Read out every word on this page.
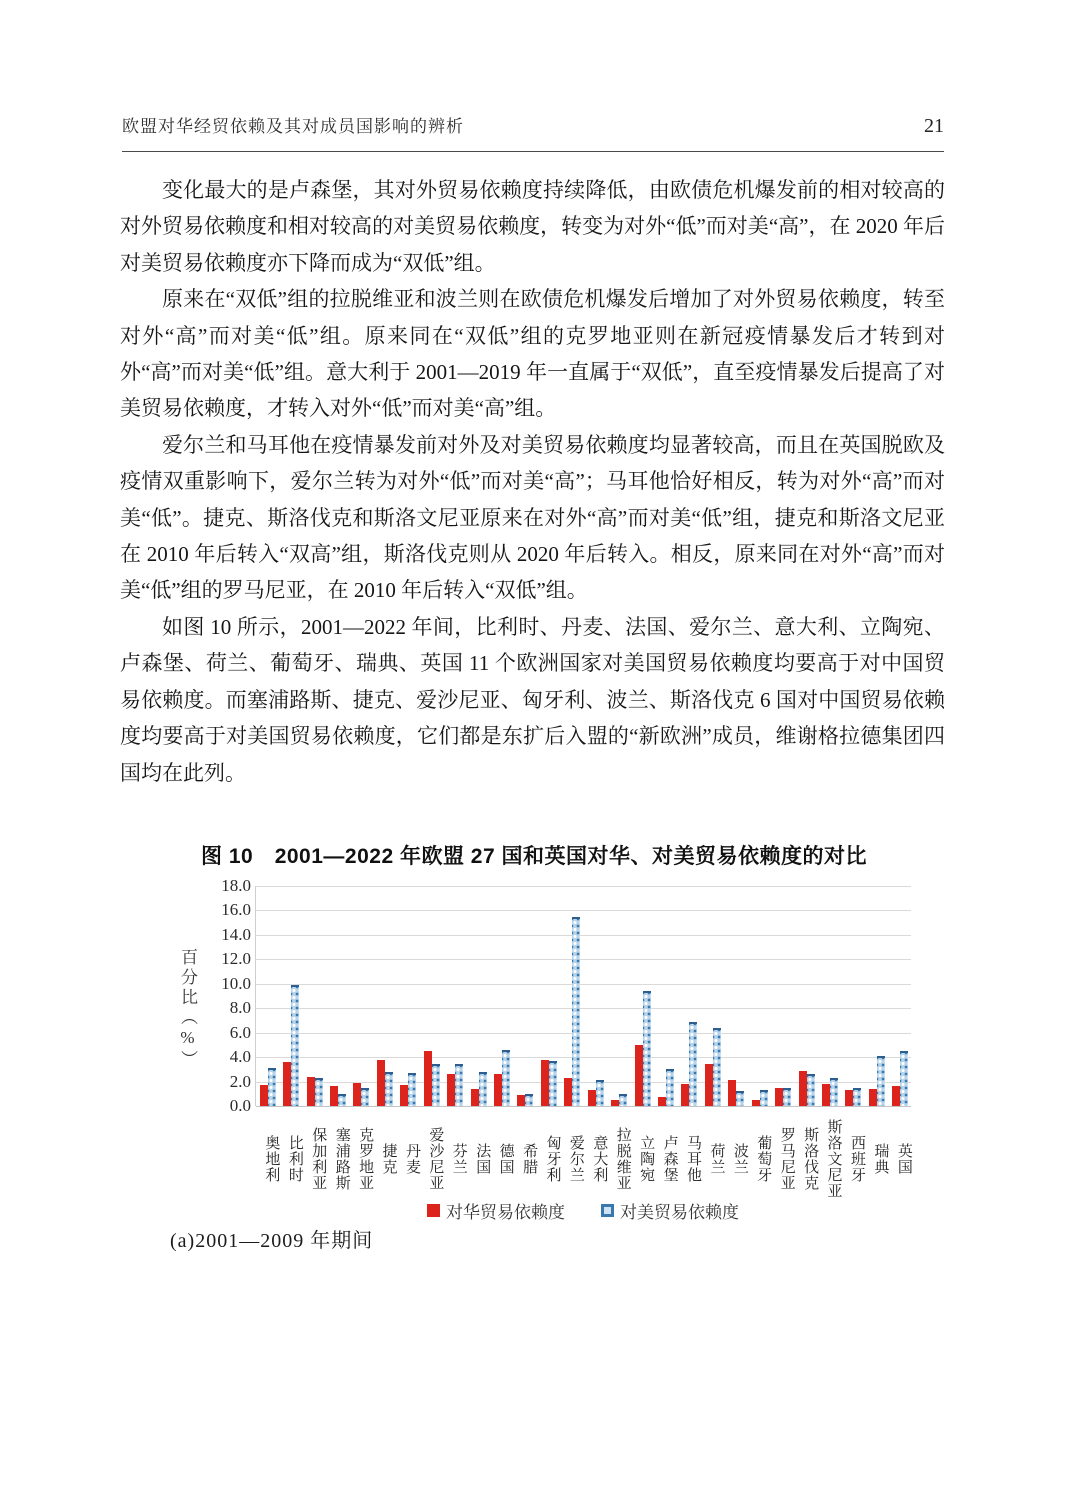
欧盟对华经贸依赖及其对成员国影响的辨析	21

变化最大的是卢森堡，其对外贸易依赖度持续降低，由欧债危机爆发前的相对较高的对外贸易依赖度和相对较高的对美贸易依赖度，转变为对外“低”而对美“高”，在 2020 年后对美贸易依赖度亦下降而成为“双低”组。

原来在“双低”组的拉脱维亚和波兰则在欧债危机爆发后增加了对外贸易依赖度，转至对外“高”而对美“低”组。原来同在“双低”组的克罗地亚则在新冠疫情暴发后才转到对外“高”而对美“低”组。意大利于 2001—2019 年一直属于“双低”，直至疫情暴发后提高了对美贸易依赖度，才转入对外“低”而对美“高”组。

爱尔兰和马耳他在疫情暴发前对外及对美贸易依赖度均显著较高，而且在英国脱欧及疫情双重影响下，爱尔兰转为对外“低”而对美“高”；马耳他恰好相反，转为对外“高”而对美“低”。捷克、斯洛伐克和斯洛文尼亚原来在对外“高”而对美“低”组，捷克和斯洛文尼亚在 2010 年后转入“双高”组，斯洛伐克则从 2020 年后转入。相反，原来同在对外“高”而对美“低”组的罗马尼亚，在 2010 年后转入“双低”组。

如图 10 所示，2001—2022 年间，比利时、丹麦、法国、爱尔兰、意大利、立陶宛、卢森堡、荷兰、葡萄牙、瑞典、英国 11 个欧洲国家对美国贸易依赖度均要高于对中国贸易依赖度。而塞浦路斯、捷克、爱沙尼亚、匈牙利、波兰、斯洛伐克 6 国对中国贸易依赖度均要高于对美国贸易依赖度，它们都是东扩后入盟的“新欧洲”成员，维谢格拉德集团四国均在此列。

图 10　2001—2022 年欧盟 27 国和英国对华、对美贸易依赖度的对比
百分比（%）
18.0
16.0
14.0
12.0
10.0
8.0
6.0
4.0
2.0
0.0
奥地利 比利时 保加利亚 塞浦路斯 克罗地亚 捷克 丹麦 爱沙尼亚 芬兰 法国 德国 希腊 匈牙利 爱尔兰 意大利 拉脱维亚 立陶宛 卢森堡 马耳他 荷兰 波兰 葡萄牙 罗马尼亚 斯洛伐克 斯洛文尼亚 西班牙 瑞典 英国
对华贸易依赖度	对美贸易依赖度
(a)2001—2009 年期间
